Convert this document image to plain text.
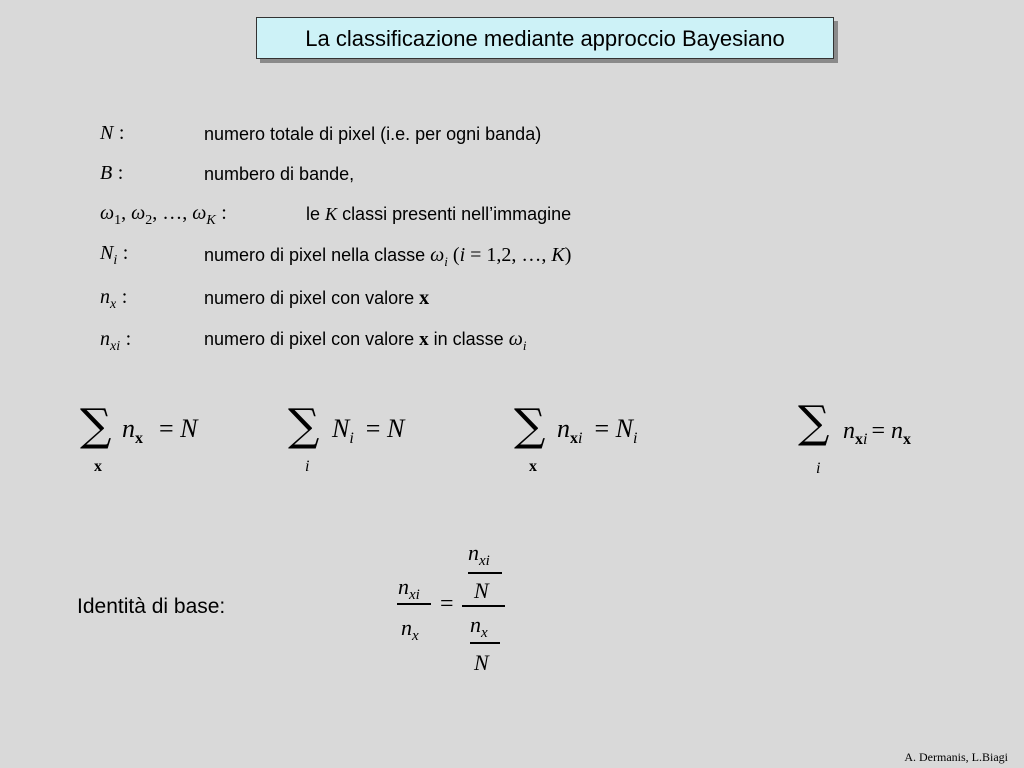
La classificazione mediante approccio Bayesiano
N :	numero totale di pixel (i.e. per ogni banda)
B :	numbero di bande,
$\omega_1$, $\omega_2$, …, $\omega_K$ :	le K classi presenti nell’immagine
$N_i$ :	numero di pixel nella classe $\omega_i$ (i = 1,2, …, K)
$n_x$ :	numero di pixel con valore x
$n_{xi}$ :	numero di pixel con valore x in classe $\omega_i$
∑
x
$n_x = N$ ∑
i
$N_i = N$ ∑
x
$n_{xi} = N_i$	∑
i
$n_{xi} = n_x$
Identità di base:
$n_{xi}$
$n_x$
=
$n_{xi}$
N
$n_x$
N
A. Dermanis, L.Biagi
